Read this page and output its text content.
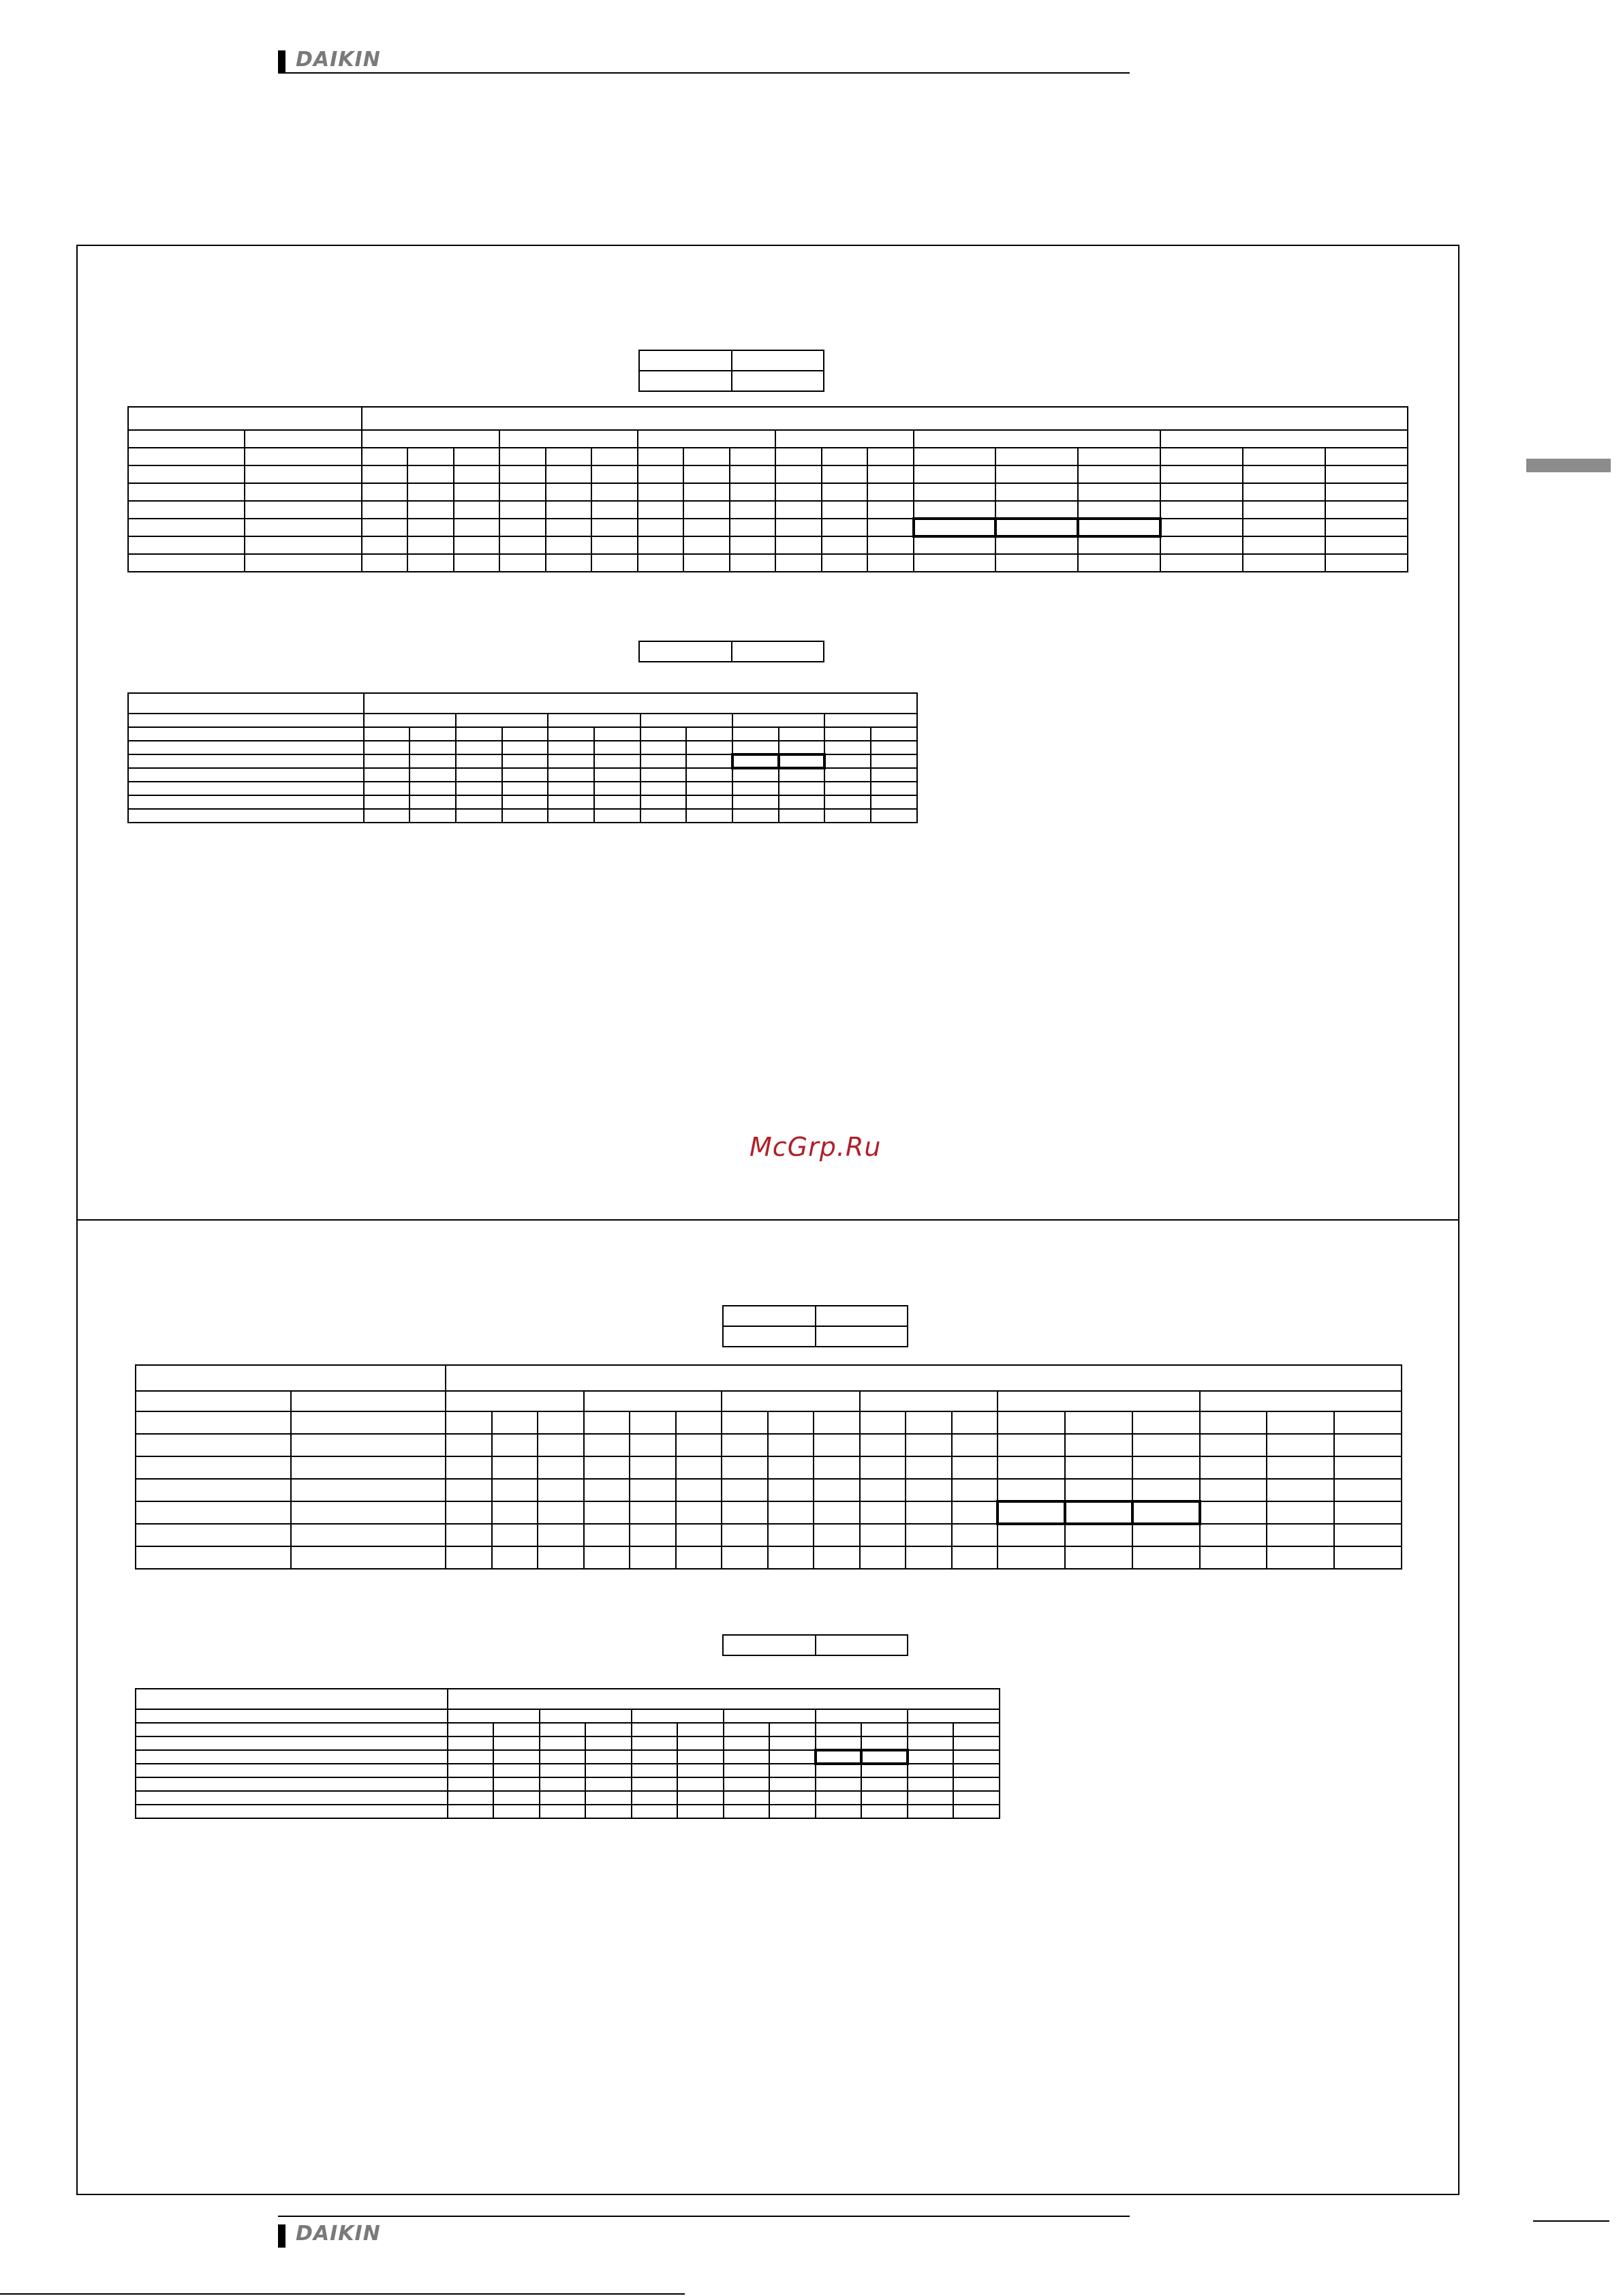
DAIKIN

McGrp.Ru

DAIKIN
